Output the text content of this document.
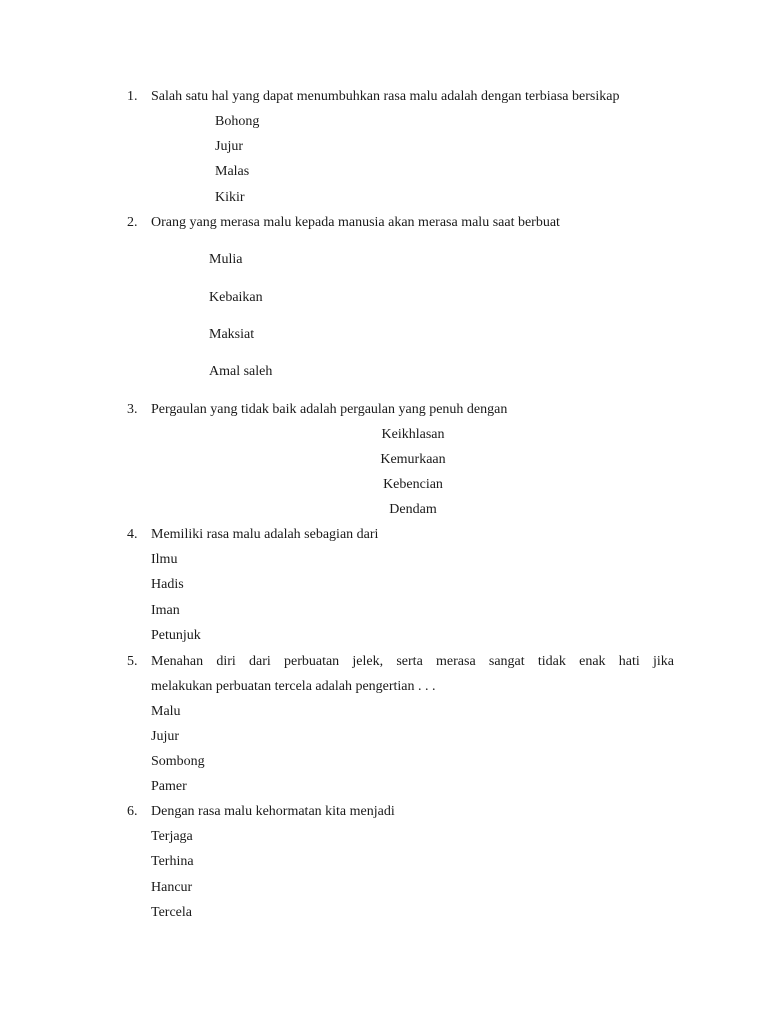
1. Salah satu hal yang dapat menumbuhkan rasa malu adalah dengan terbiasa bersikap
Bohong
Jujur
Malas
Kikir
2. Orang yang merasa malu kepada manusia akan merasa malu saat berbuat
Mulia
Kebaikan
Maksiat
Amal saleh
3. Pergaulan yang tidak baik adalah pergaulan yang penuh dengan
Keikhlasan
Kemurkaan
Kebencian
Dendam
4. Memiliki rasa malu adalah sebagian dari
Ilmu
Hadis
Iman
Petunjuk
5. Menahan diri dari perbuatan jelek, serta merasa sangat tidak enak hati jika
melakukan perbuatan tercela adalah pengertian . . .
Malu
Jujur
Sombong
Pamer
6. Dengan rasa malu kehormatan kita menjadi
Terjaga
Terhina
Hancur
Tercela
